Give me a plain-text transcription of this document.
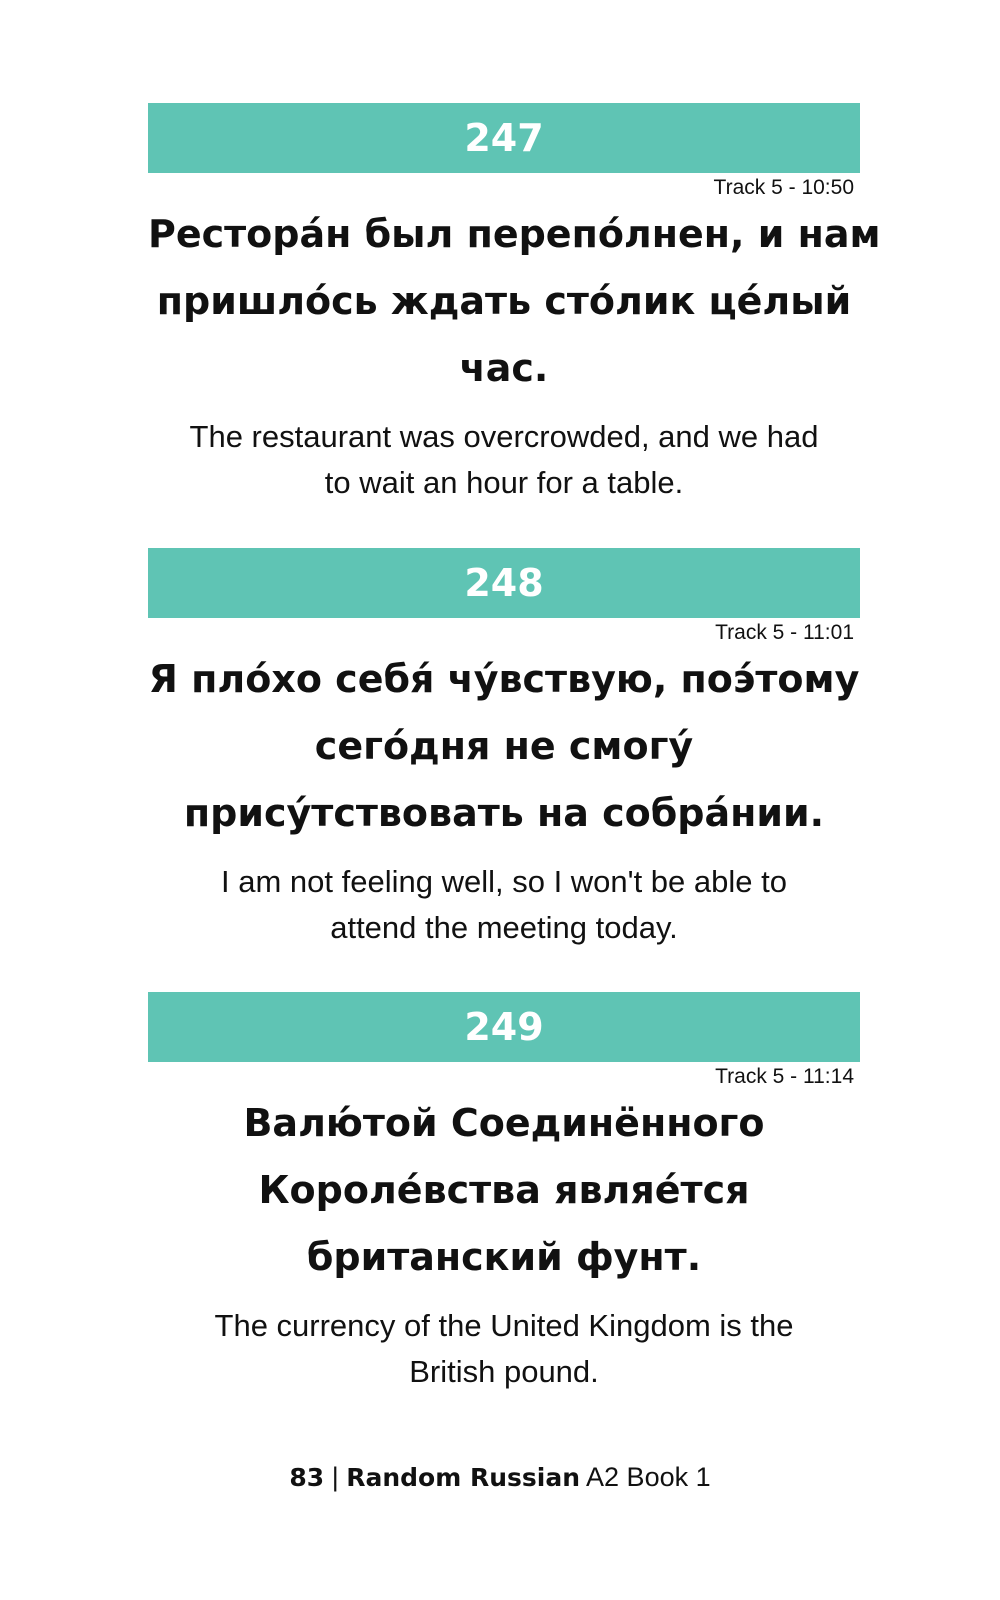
247
Track 5 - 10:50
Ресторáн был перепóлнен, и нам
пришлóсь ждать стóлик цéлый
час.
The restaurant was overcrowded, and we had
to wait an hour for a table.
248
Track 5 - 11:01
Я плóхо себя́ чу́вствую, поэ́тому
сегóдня не смогу́
прису́тствовать на собрáнии.
I am not feeling well, so I won't be able to
attend the meeting today.
249
Track 5 - 11:14
Валю́той Соединённого
Королéвства являéтся
британский фунт.
The currency of the United Kingdom is the
British pound.
83 | Random Russian A2 Book 1
